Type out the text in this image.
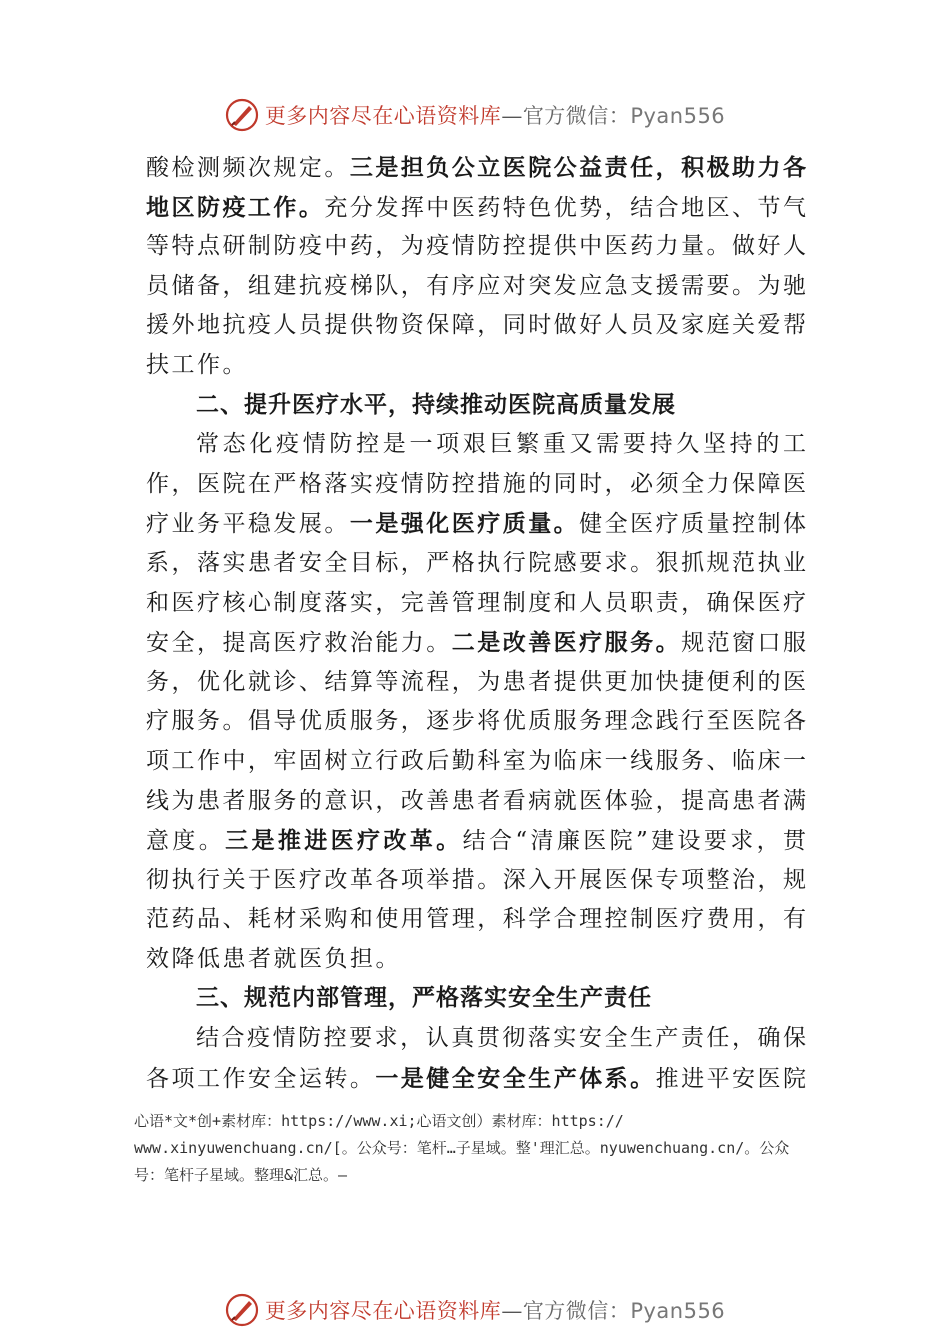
更多内容尽在心语资料库—官方微信：Pyan556
酸检测频次规定。三是担负公立医院公益责任，积极助力各
地区防疫工作。充分发挥中医药特色优势，结合地区、节气
等特点研制防疫中药，为疫情防控提供中医药力量。做好人
员储备，组建抗疫梯队，有序应对突发应急支援需要。为驰
援外地抗疫人员提供物资保障，同时做好人员及家庭关爱帮
扶工作。
二、提升医疗水平，持续推动医院高质量发展
常态化疫情防控是一项艰巨繁重又需要持久坚持的工
作，医院在严格落实疫情防控措施的同时，必须全力保障医
疗业务平稳发展。一是强化医疗质量。健全医疗质量控制体
系，落实患者安全目标，严格执行院感要求。狠抓规范执业
和医疗核心制度落实，完善管理制度和人员职责，确保医疗
安全，提高医疗救治能力。二是改善医疗服务。规范窗口服
务，优化就诊、结算等流程，为患者提供更加快捷便利的医
疗服务。倡导优质服务，逐步将优质服务理念践行至医院各
项工作中，牢固树立行政后勤科室为临床一线服务、临床一
线为患者服务的意识，改善患者看病就医体验，提高患者满
意度。三是推进医疗改革。结合“清廉医院”建设要求，贯
彻执行关于医疗改革各项举措。深入开展医保专项整治，规
范药品、耗材采购和使用管理，科学合理控制医疗费用，有
效降低患者就医负担。
三、规范内部管理，严格落实安全生产责任
结合疫情防控要求，认真贯彻落实安全生产责任，确保
各项工作安全运转。一是健全安全生产体系。推进平安医院
心语*文*创+素材库：https://www.xi;心语文创）素材库：https://
www.xinyuwenchuang.cn/[。公众号：笔杆…子星域。整'理汇总。nyuwenchuang.cn/。公众
号：笔杆子星域。整理&汇总。—
更多内容尽在心语资料库—官方微信：Pyan556
